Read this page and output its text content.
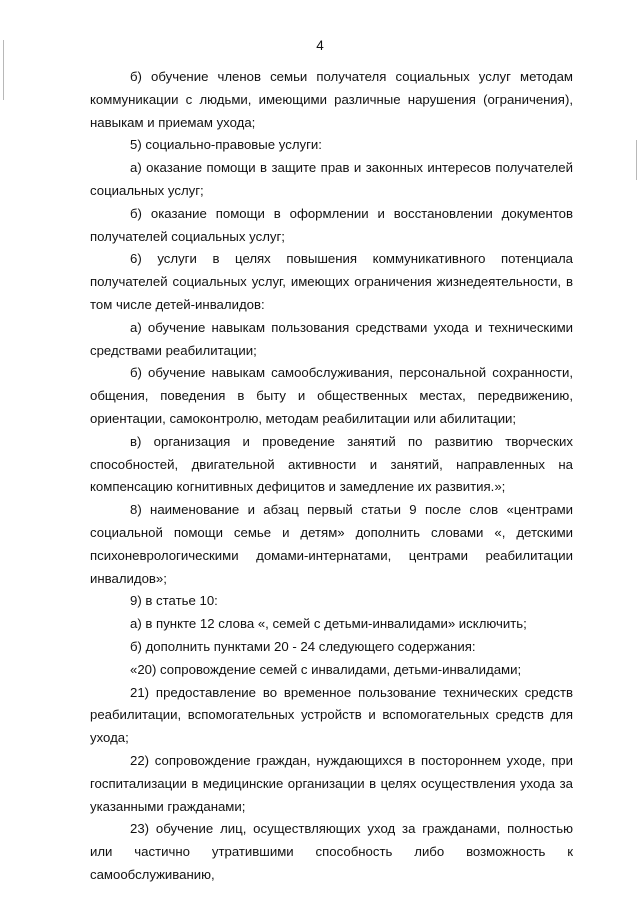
4

б) обучение членов семьи получателя социальных услуг методам коммуникации с людьми, имеющими различные нарушения (ограничения), навыкам и приемам ухода;

5) социально-правовые услуги:

а) оказание помощи в защите прав и законных интересов получателей социальных услуг;

б) оказание помощи в оформлении и восстановлении документов получателей социальных услуг;

6) услуги в целях повышения коммуникативного потенциала получателей социальных услуг, имеющих ограничения жизнедеятельности, в том числе детей-инвалидов:

а) обучение навыкам пользования средствами ухода и техническими средствами реабилитации;

б) обучение навыкам самообслуживания, персональной сохранности, общения, поведения в быту и общественных местах, передвижению, ориентации, самоконтролю, методам реабилитации или абилитации;

в) организация и проведение занятий по развитию творческих способностей, двигательной активности и занятий, направленных на компенсацию когнитивных дефицитов и замедление их развития.»;

8) наименование и абзац первый статьи 9 после слов «центрами социальной помощи семье и детям» дополнить словами «, детскими психоневрологическими домами-интернатами, центрами реабилитации инвалидов»;

9) в статье 10:

а) в пункте 12 слова «, семей с детьми-инвалидами» исключить;

б) дополнить пунктами 20 - 24 следующего содержания:

«20) сопровождение семей с инвалидами, детьми-инвалидами;

21) предоставление во временное пользование технических средств реабилитации, вспомогательных устройств и вспомогательных средств для ухода;

22) сопровождение граждан, нуждающихся в постороннем уходе, при госпитализации в медицинские организации в целях осуществления ухода за указанными гражданами;

23) обучение лиц, осуществляющих уход за гражданами, полностью или частично утратившими способность либо возможность к самообслуживанию,
